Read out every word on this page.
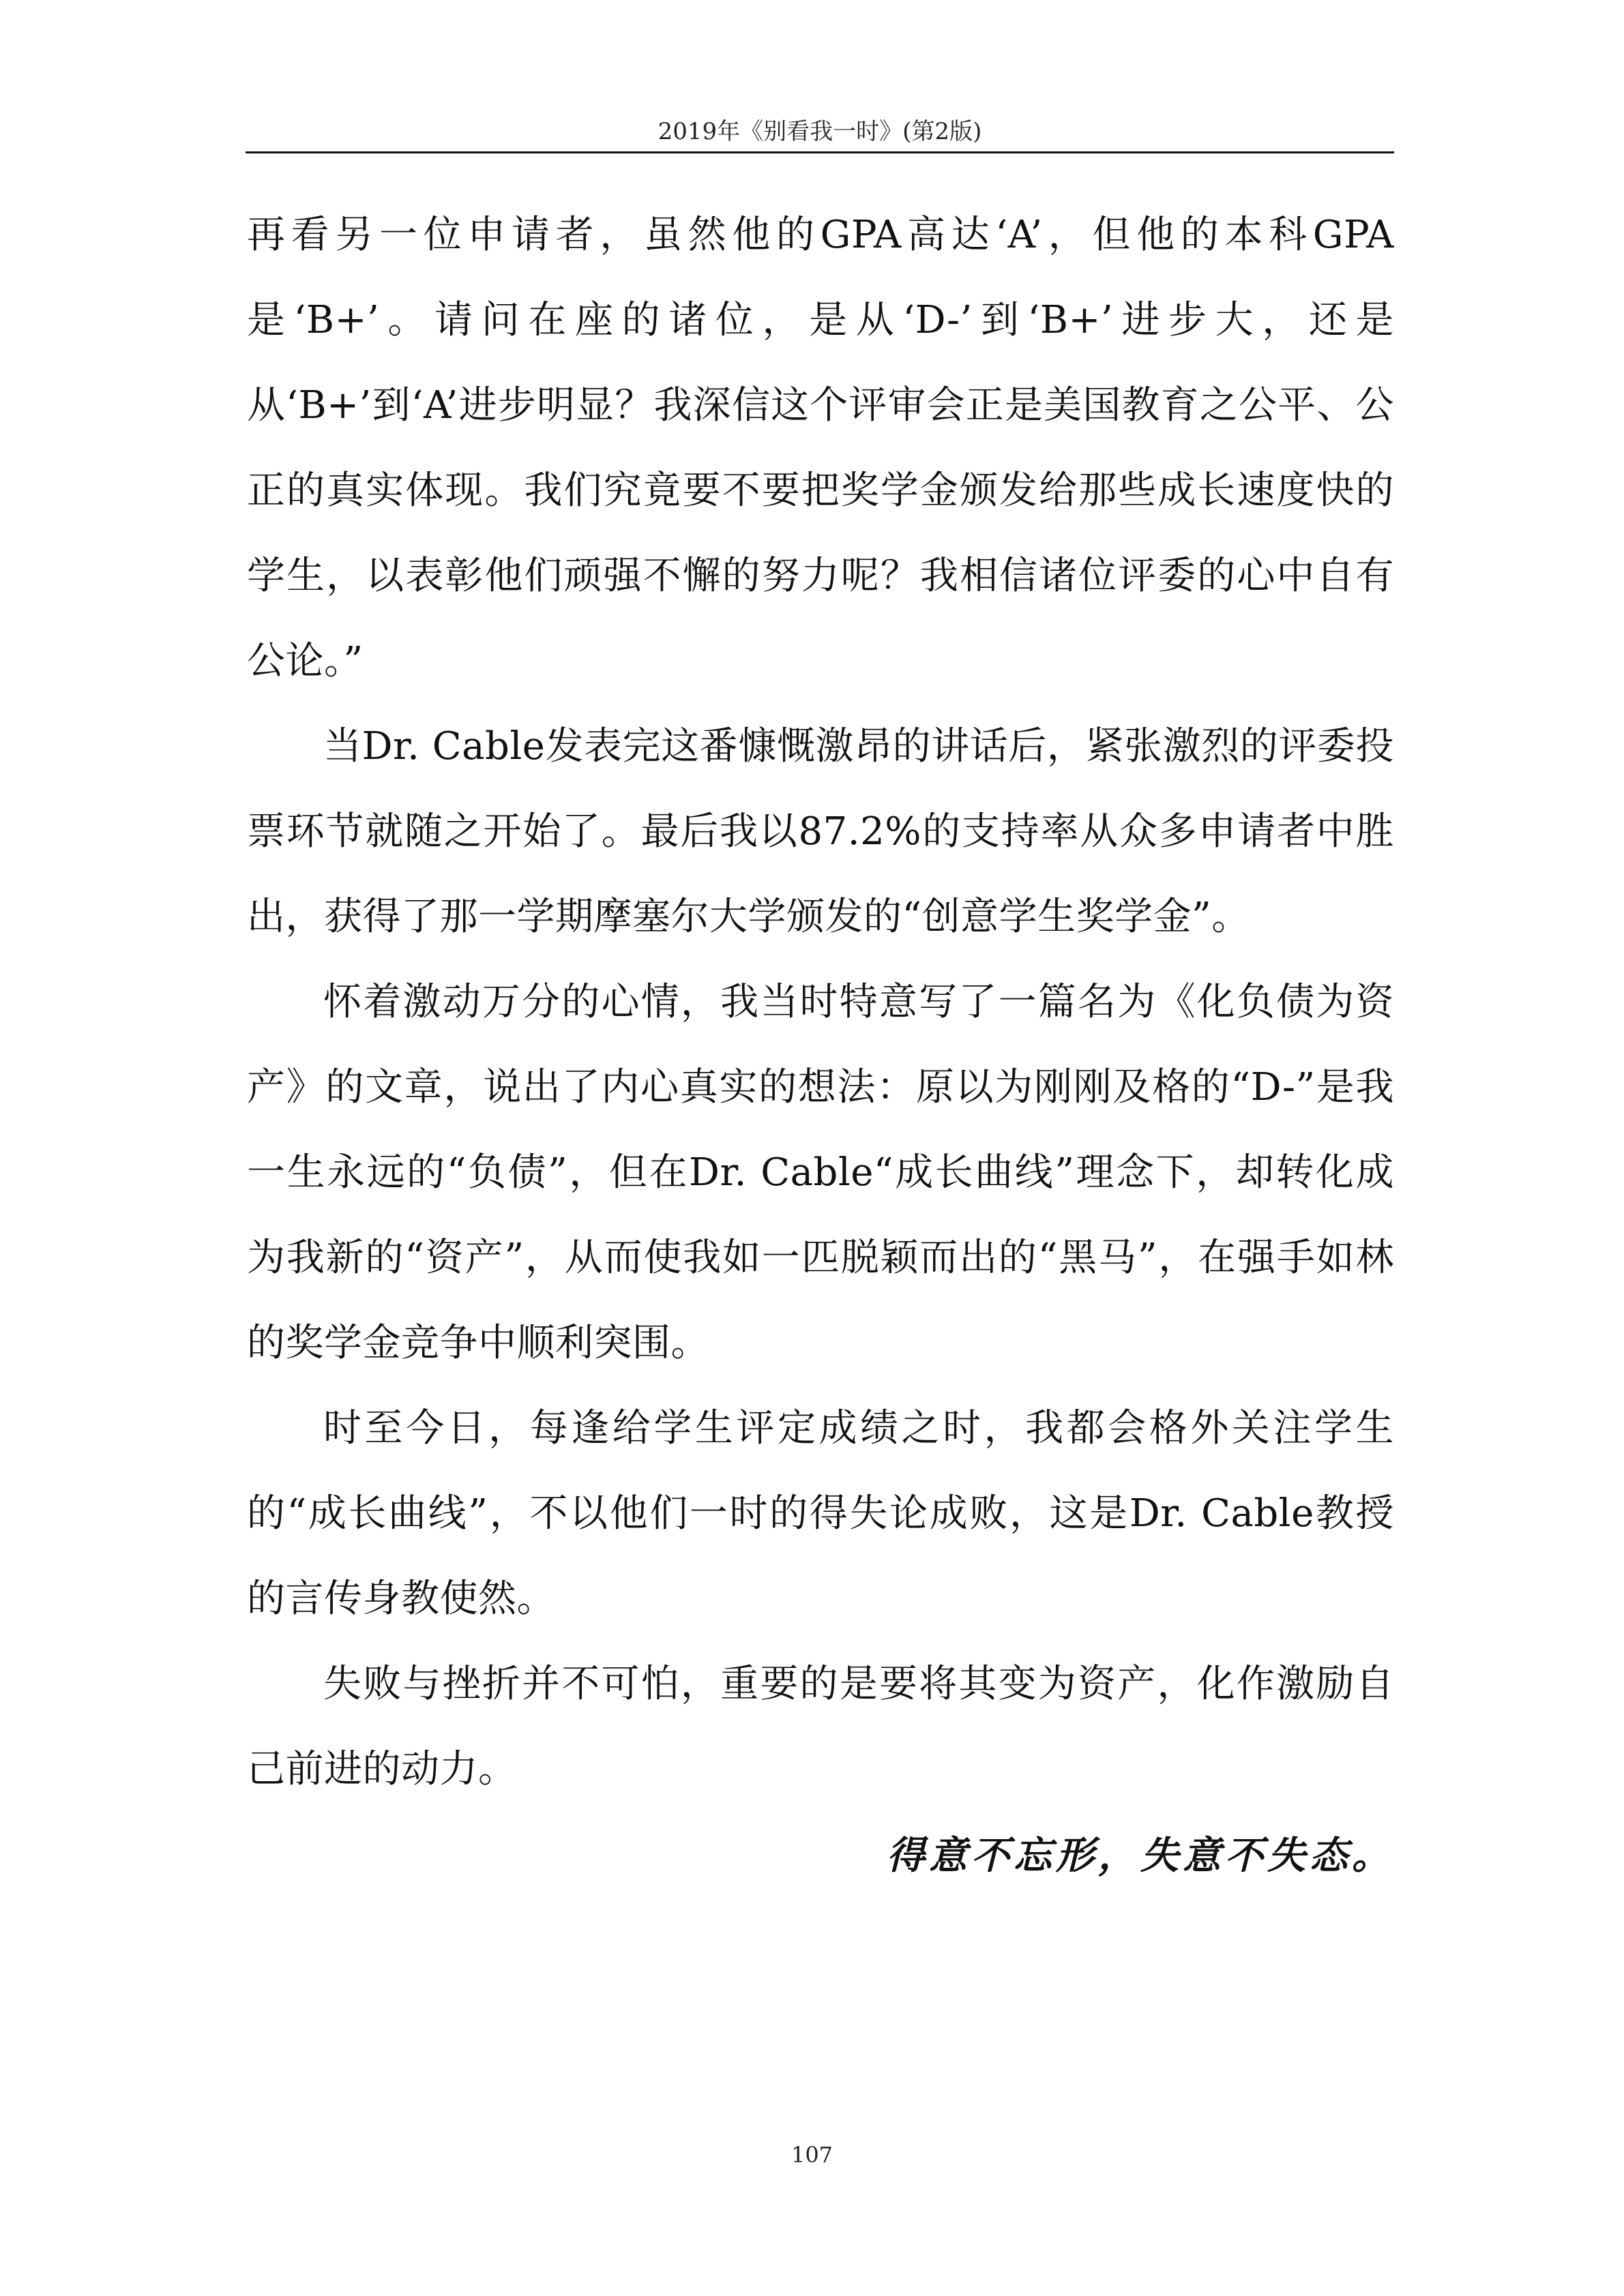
2019年《别看我一时》(第2版)

再看另一位申请者，虽然他的GPA高达‘A’，但他的本科GPA是‘B+’。请问在座的诸位，是从‘D-’到‘B+’进步大，还是从‘B+’到‘A’进步明显？我深信这个评审会正是美国教育之公平、公正的真实体现。我们究竟要不要把奖学金颁发给那些成长速度快的学生，以表彰他们顽强不懈的努力呢？我相信诸位评委的心中自有公论。”

当Dr. Cable发表完这番慷慨激昂的讲话后，紧张激烈的评委投票环节就随之开始了。最后我以87.2%的支持率从众多申请者中胜出，获得了那一学期摩塞尔大学颁发的“创意学生奖学金”。

怀着激动万分的心情，我当时特意写了一篇名为《化负债为资产》的文章，说出了内心真实的想法：原以为刚刚及格的“D-”是我一生永远的“负债”，但在Dr. Cable“成长曲线”理念下，却转化成为我新的“资产”，从而使我如一匹脱颖而出的“黑马”，在强手如林的奖学金竞争中顺利突围。

时至今日，每逢给学生评定成绩之时，我都会格外关注学生的“成长曲线”，不以他们一时的得失论成败，这是Dr. Cable教授的言传身教使然。

失败与挫折并不可怕，重要的是要将其变为资产，化作激励自己前进的动力。

得意不忘形，失意不失态。
107
